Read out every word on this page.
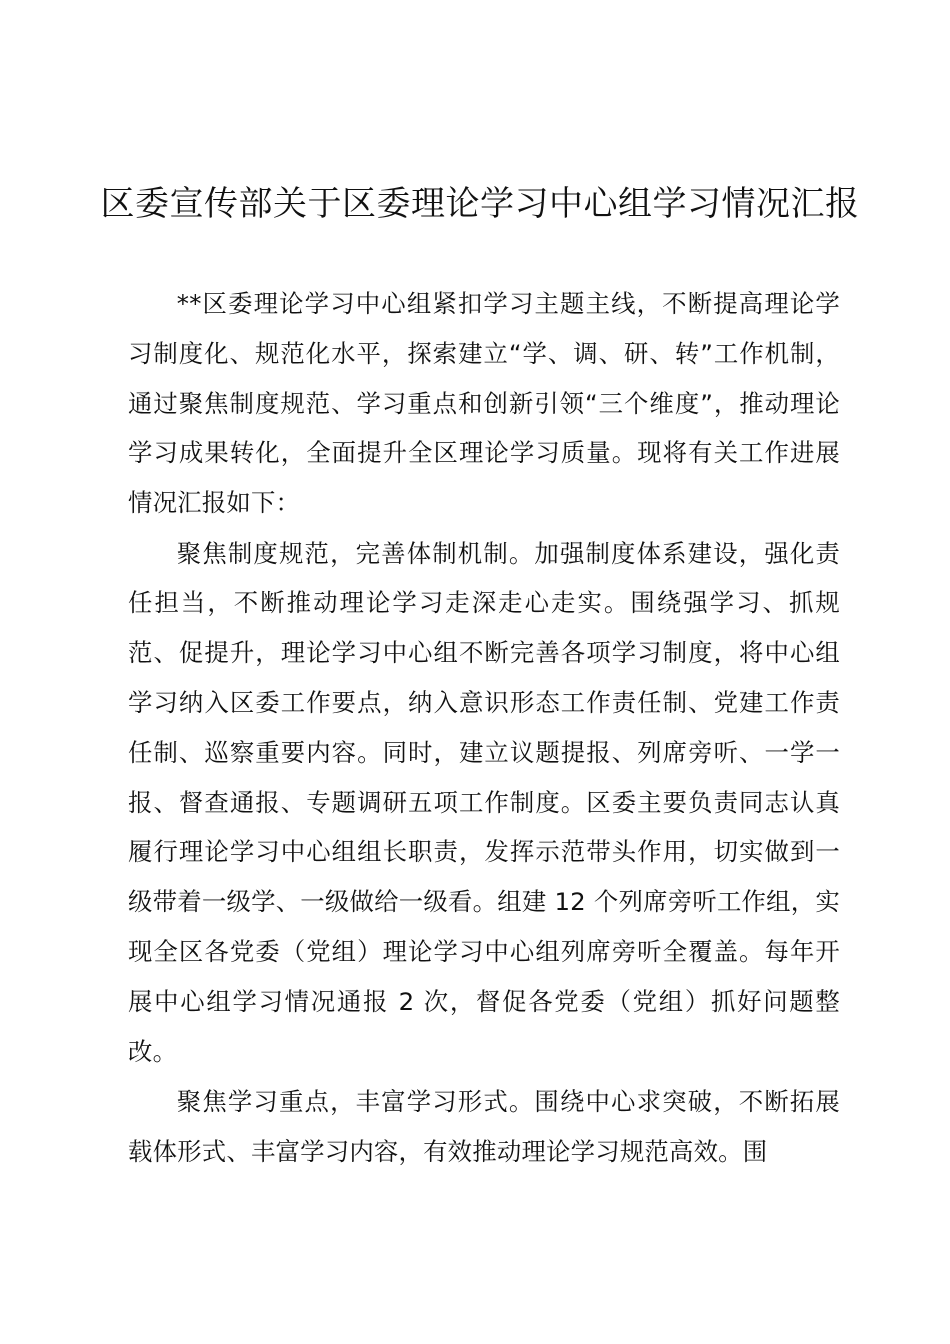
区委宣传部关于区委理论学习中心组学习情况汇报

**区委理论学习中心组紧扣学习主题主线，不断提高理论学习制度化、规范化水平，探索建立“学、调、研、转”工作机制，通过聚焦制度规范、学习重点和创新引领“三个维度”，推动理论学习成果转化，全面提升全区理论学习质量。现将有关工作进展情况汇报如下：

聚焦制度规范，完善体制机制。加强制度体系建设，强化责任担当，不断推动理论学习走深走心走实。围绕强学习、抓规范、促提升，理论学习中心组不断完善各项学习制度，将中心组学习纳入区委工作要点，纳入意识形态工作责任制、党建工作责任制、巡察重要内容。同时，建立议题提报、列席旁听、一学一报、督查通报、专题调研五项工作制度。区委主要负责同志认真履行理论学习中心组组长职责，发挥示范带头作用，切实做到一级带着一级学、一级做给一级看。组建 12 个列席旁听工作组，实现全区各党委（党组）理论学习中心组列席旁听全覆盖。每年开展中心组学习情况通报 2 次，督促各党委（党组）抓好问题整改。

聚焦学习重点，丰富学习形式。围绕中心求突破，不断拓展载体形式、丰富学习内容，有效推动理论学习规范高效。围
